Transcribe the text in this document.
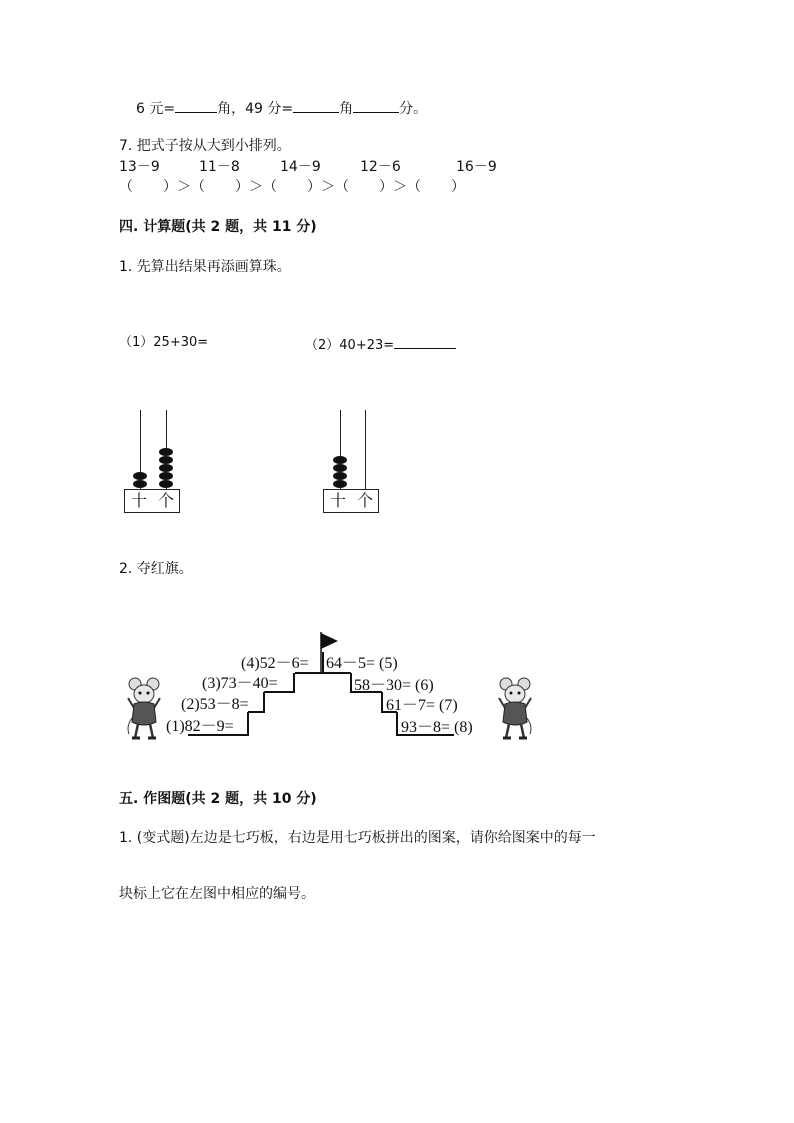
6 元=	角，49 分=	角	分。
7. 把式子按从大到小排列。
13－9	11－8	14－9	12－6	16－9
（ ）＞（ ）＞（ ）＞（ ）＞（ ）
四. 计算题(共 2 题，共 11 分)
1. 先算出结果再添画算珠。
（1）25+30=	（2）40+23=
十 个	十 个
2. 夺红旗。
(4)52－6=
(3)73－40=
(2)53－8=
(1)82－9=
64－5= (5)
58－30= (6)
61－7= (7)
93－8= (8)
五. 作图题(共 2 题，共 10 分)
1. (变式题)左边是七巧板，右边是用七巧板拼出的图案，请你给图案中的每一
块标上它在左图中相应的编号。
